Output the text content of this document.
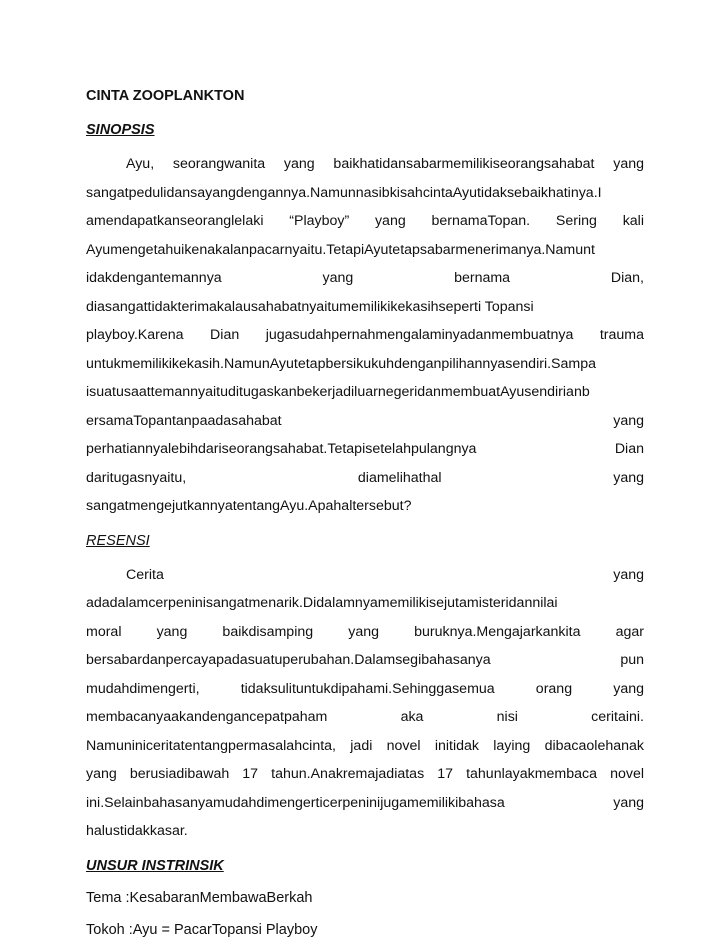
CINTA ZOOPLANKTON
SINOPSIS
Ayu, seorangwanita yang baikhatidansabarmemilikiseorangsahabat yang
sangatpedulidansayangdengannya.NamunnasibkisahcintaAyutidaksebaikhatinya.I
amendapatkanseoranglelaki “Playboy” yang bernamaTopan. Sering kali
Ayumengetahuikenakalanpacarnyaitu.TetapiAyutetapsabarmenerimanya.Namunt
idakdengantemannya yang bernama Dian,
diasangattidakterimakalausahabatnyaitumemilikikekasihseperti Topansi
playboy.Karena Dian jugasudahpernahmengalaminyadanmembuatnya trauma
untukmemilikikekasih.NamunAyutetapbersikukuhdenganpilihannyasendiri.Sampa
isuatusaattemannyaituditugaskanbekerjadiluarnegeridanmembuatAyusendirianb
ersamaTopantanpaadasahabat yang
perhatiannyalebihdariseorangsahabat.Tetapisetelahpulangnya Dian
daritugasnyaitu, diamelihathal yang
sangatmengejutkannyatentangAyu.Apahaltersebut?
RESENSI
Cerita yang
adadalamcerpeninisangatmenarik.Didalamnyamemilikisejutamisteridannilai
moral yang baikdisamping yang buruknya.Mengajarkankita agar
bersabardanpercayapadasuatuperubahan.Dalamsegibahasanya pun
mudahdimengerti, tidaksulituntukdipahami.Sehinggasemua orang yang
membacanyaakandengancepatpaham aka nisi ceritaini.
Namuniniceritatentangpermasalahcinta, jadi novel initidak laying dibacaolehanak
yang berusiadibawah 17 tahun.Anakremajadiatas 17 tahunlayakmembaca novel
ini.Selainbahasanyamudahdimengerticerpeninijugamemilikibahasa yang
halustidakkasar.
UNSUR INSTRINSIK
Tema :KesabaranMembawaBerkah
Tokoh :Ayu = PacarTopansi Playboy
